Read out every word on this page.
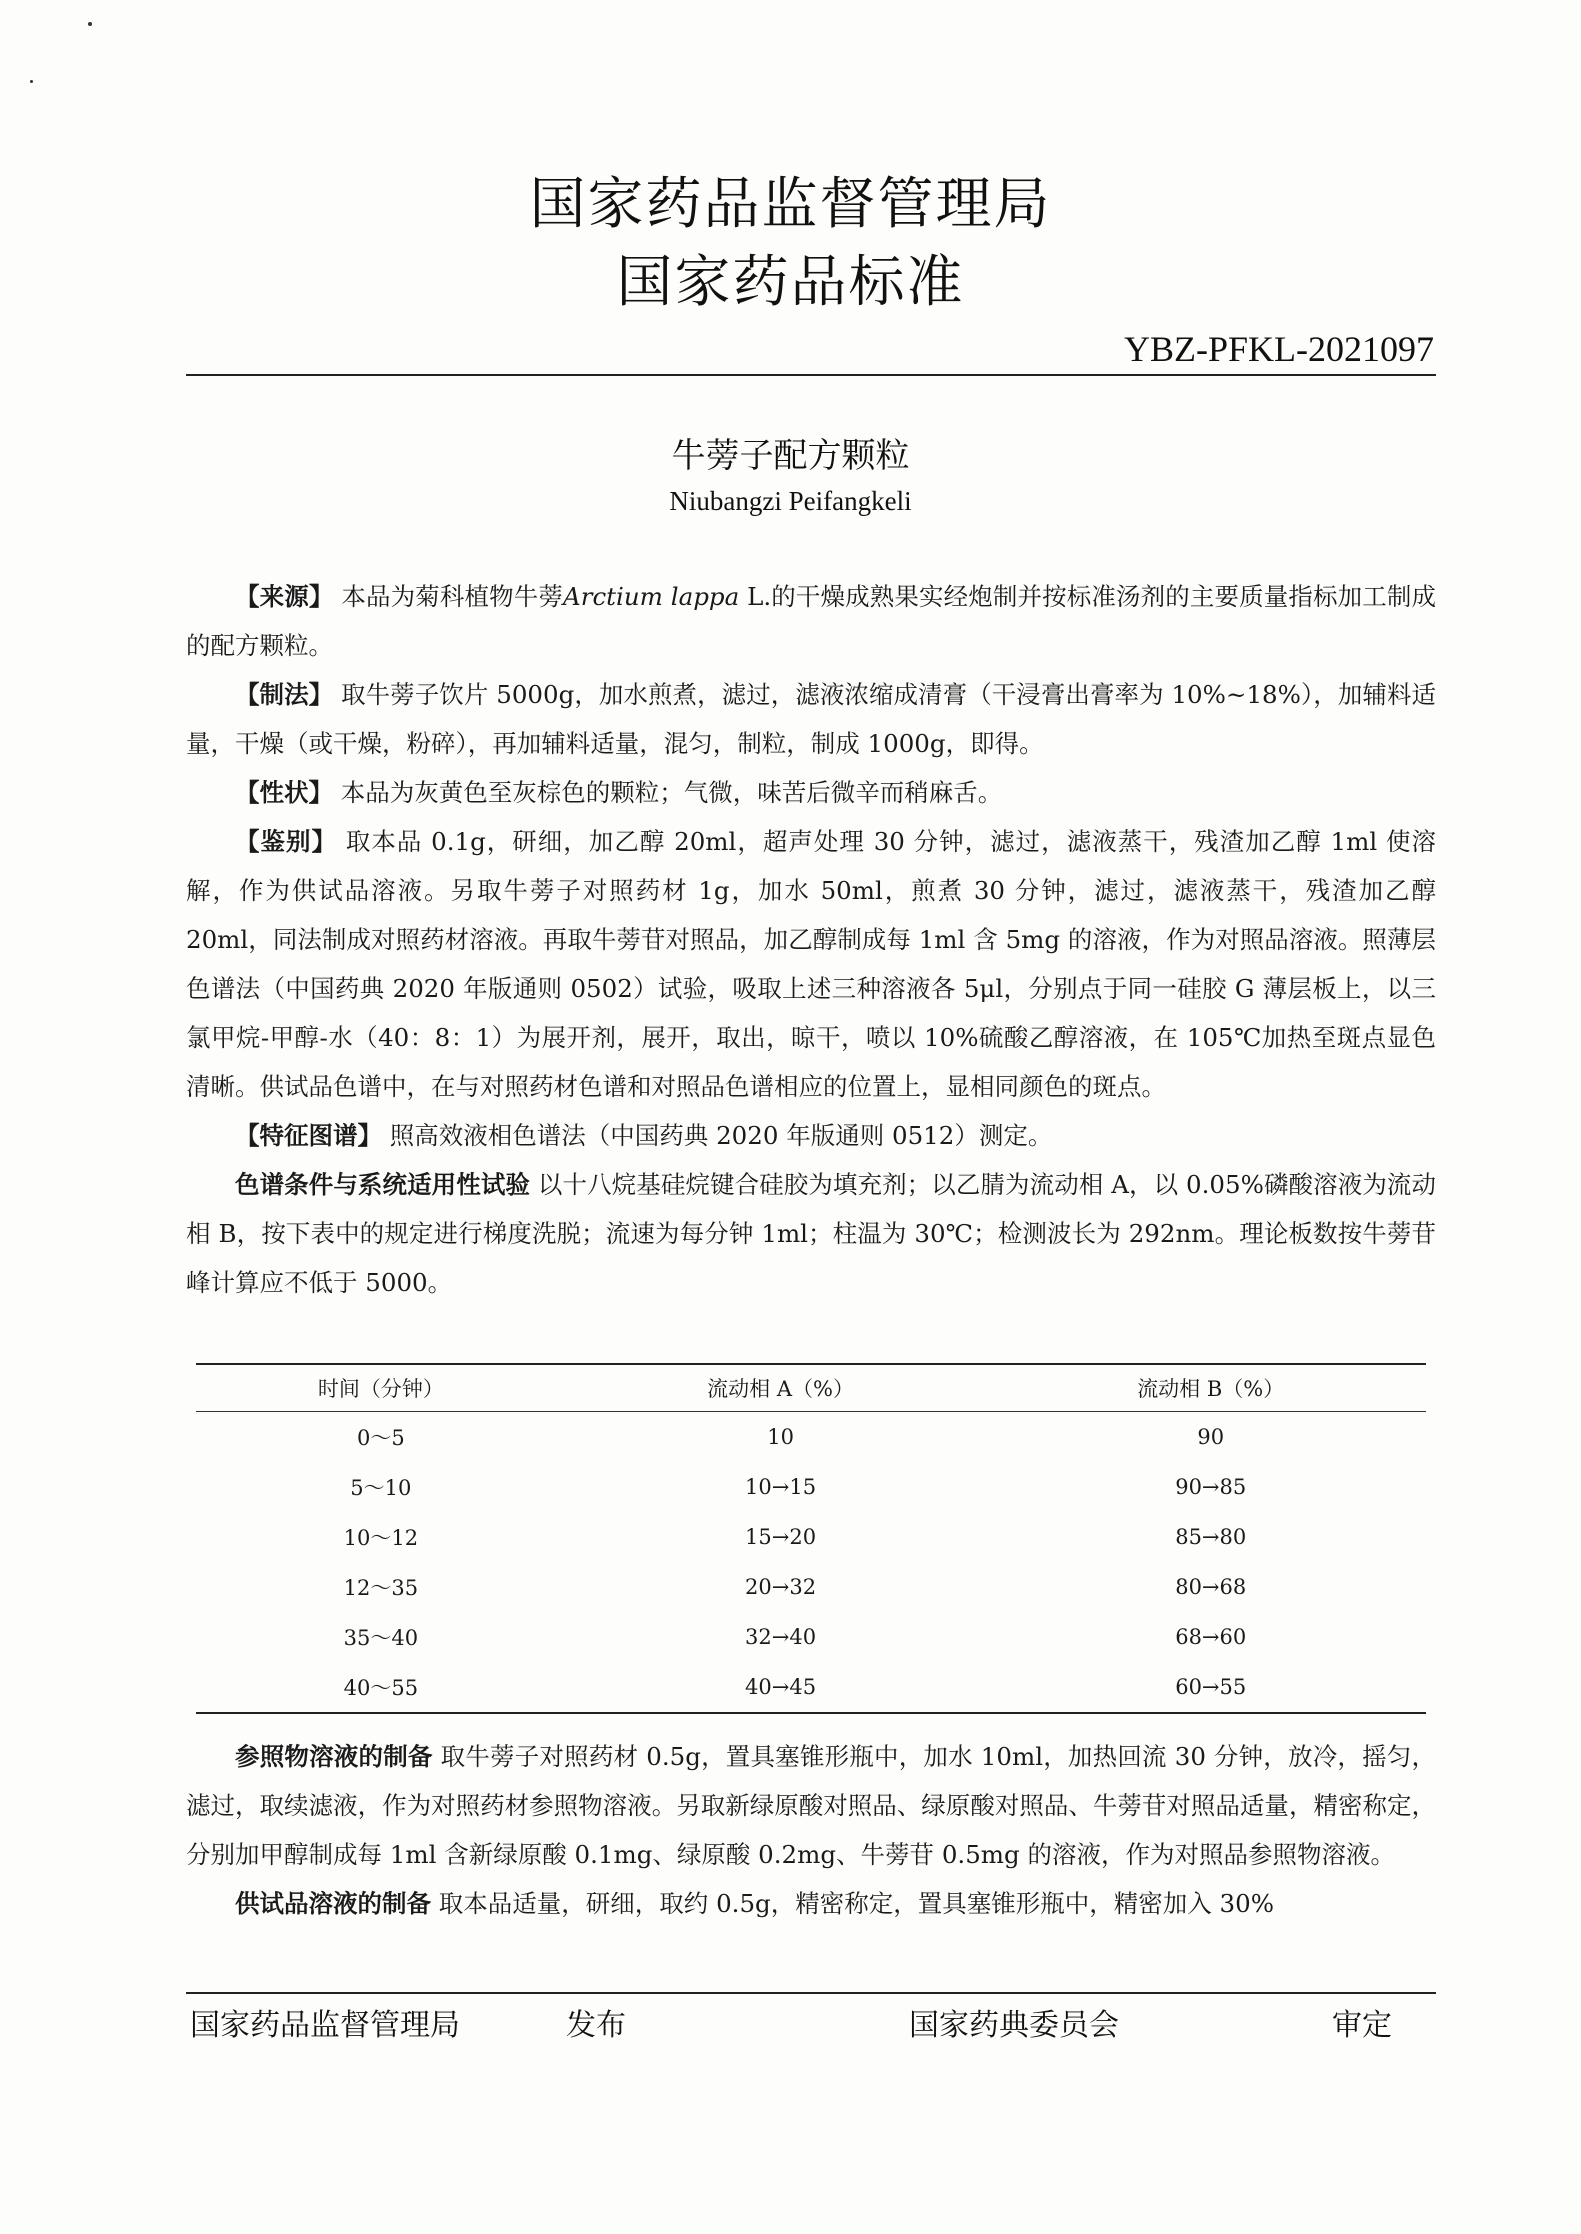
国家药品监督管理局
国家药品标准
YBZ-PFKL-2021097
牛蒡子配方颗粒
Niubangzi Peifangkeli

【来源】 本品为菊科植物牛蒡Arctium lappa L.的干燥成熟果实经炮制并按标准汤剂的主要质量指标加工制成的配方颗粒。

【制法】 取牛蒡子饮片 5000g，加水煎煮，滤过，滤液浓缩成清膏（干浸膏出膏率为 10%~18%），加辅料适量，干燥（或干燥，粉碎），再加辅料适量，混匀，制粒，制成 1000g，即得。

【性状】 本品为灰黄色至灰棕色的颗粒；气微，味苦后微辛而稍麻舌。

【鉴别】 取本品 0.1g，研细，加乙醇 20ml，超声处理 30 分钟，滤过，滤液蒸干，残渣加乙醇 1ml 使溶解，作为供试品溶液。另取牛蒡子对照药材 1g，加水 50ml，煎煮 30 分钟，滤过，滤液蒸干，残渣加乙醇 20ml，同法制成对照药材溶液。再取牛蒡苷对照品，加乙醇制成每 1ml 含 5mg 的溶液，作为对照品溶液。照薄层色谱法（中国药典 2020 年版通则 0502）试验，吸取上述三种溶液各 5μl，分别点于同一硅胶 G 薄层板上，以三氯甲烷-甲醇-水（40：8：1）为展开剂，展开，取出，晾干，喷以 10%硫酸乙醇溶液，在 105℃加热至斑点显色清晰。供试品色谱中，在与对照药材色谱和对照品色谱相应的位置上，显相同颜色的斑点。

【特征图谱】 照高效液相色谱法（中国药典 2020 年版通则 0512）测定。

色谱条件与系统适用性试验 以十八烷基硅烷键合硅胶为填充剂；以乙腈为流动相 A，以 0.05%磷酸溶液为流动相 B，按下表中的规定进行梯度洗脱；流速为每分钟 1ml；柱温为 30℃；检测波长为 292nm。理论板数按牛蒡苷峰计算应不低于 5000。

时间（分钟）	流动相 A（%）	流动相 B（%）
0～5	10	90
5～10	10→15	90→85
10～12	15→20	85→80
12～35	20→32	80→68
35～40	32→40	68→60
40～55	40→45	60→55

参照物溶液的制备 取牛蒡子对照药材 0.5g，置具塞锥形瓶中，加水 10ml，加热回流 30 分钟，放冷，摇匀，滤过，取续滤液，作为对照药材参照物溶液。另取新绿原酸对照品、绿原酸对照品、牛蒡苷对照品适量，精密称定，分别加甲醇制成每 1ml 含新绿原酸 0.1mg、绿原酸 0.2mg、牛蒡苷 0.5mg 的溶液，作为对照品参照物溶液。

供试品溶液的制备 取本品适量，研细，取约 0.5g，精密称定，置具塞锥形瓶中，精密加入 30%

国家药品监督管理局	发布	国家药典委员会	审定
